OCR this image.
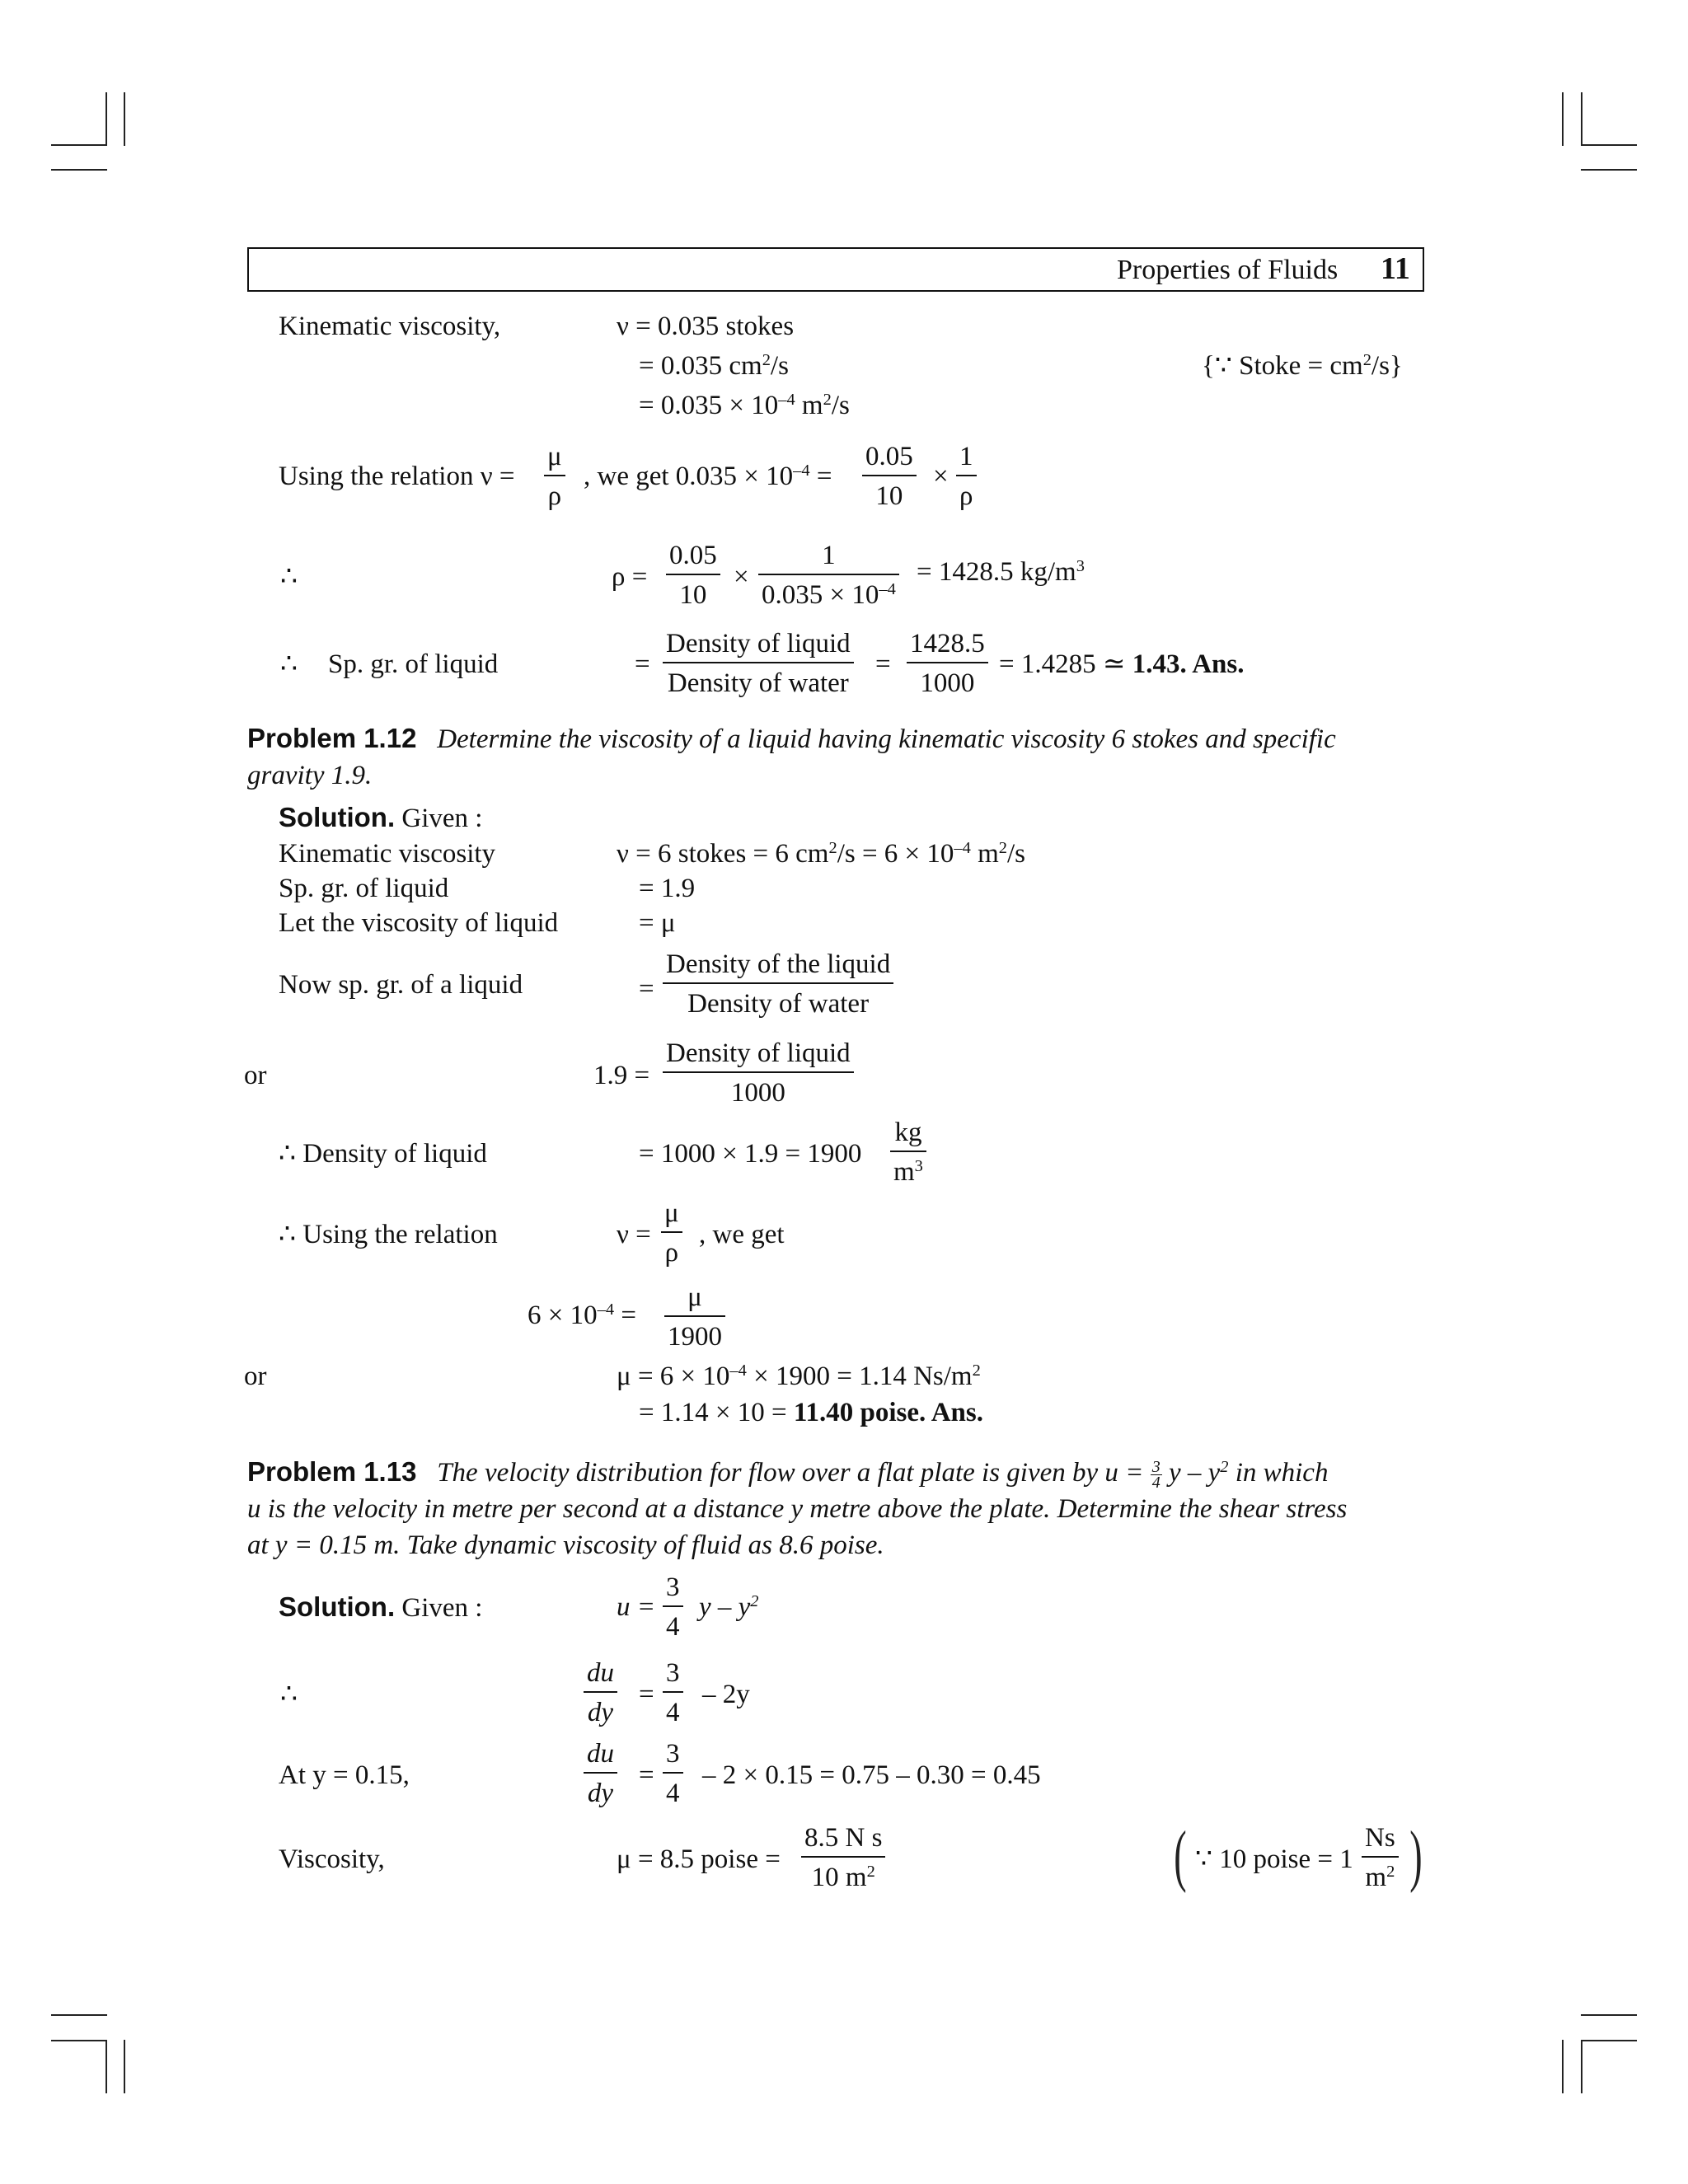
Properties of Fluids 11
Kinematic viscosity,	ν = 0.035 stokes
= 0.035 $cm^2/s$	{∵ Stoke = $cm^2/s$}
= $0.035 \times 10^{-4}$ $m^2/s$
Using the relation ν =
μ
ρ
, we get $0.035 \times 10^{-4}$ =
0.05
10
×
1
ρ
∴	ρ =
0.05
10
×
1
$0.035 \times 10^{-4}$
= 1428.5 $kg/m^3$
∴ Sp. gr. of liquid	=
Density of liquid
Density of water
=
1428.5
1000
= 1.4285 ≃ 1.43. Ans.
Problem 1.12 Determine the viscosity of a liquid having kinematic viscosity 6 stokes and specific
gravity 1.9.
Solution. Given :
Kinematic viscosity	ν = 6 stokes = 6 $cm^2/s = 6 \times 10^{-4}$ $m^2/s$
Sp. gr. of liquid	= 1.9
Let the viscosity of liquid	= μ
Now sp. gr. of a liquid	=
Density of the liquid
Density of water
or	1.9 =
Density of liquid
1000
∴ Density of liquid	= 1000 × 1.9 = 1900
kg
$m^3$
∴ Using the relation	ν =
μ
ρ
, we get
$6 \times 10^{-4}$ =
μ
1900
or	$\mu = 6 \times 10^{-4} \times 1900 = 1.14$ $Ns/m^2$
= 1.14 × 10 = 11.40 poise. Ans.
Problem 1.13 The velocity distribution for flow over a flat plate is given by $u = \frac{3}{4}$ y – $y^2$ in which
u is the velocity in metre per second at a distance y metre above the plate. Determine the shear stress
at y = 0.15 m. Take dynamic viscosity of fluid as 8.6 poise.
Solution. Given :	u =
3
4
y – $y^2$
∴
du
dy
=
3
4
– 2y
At y = 0.15,
du
dy
=
3
4
– 2 × 0.15 = 0.75 – 0.30 = 0.45
Viscosity,	μ = 8.5 poise =
8.5 N s
10 $m^2$	( ∵ 10 poise = 1
Ns
$m^2$ )
